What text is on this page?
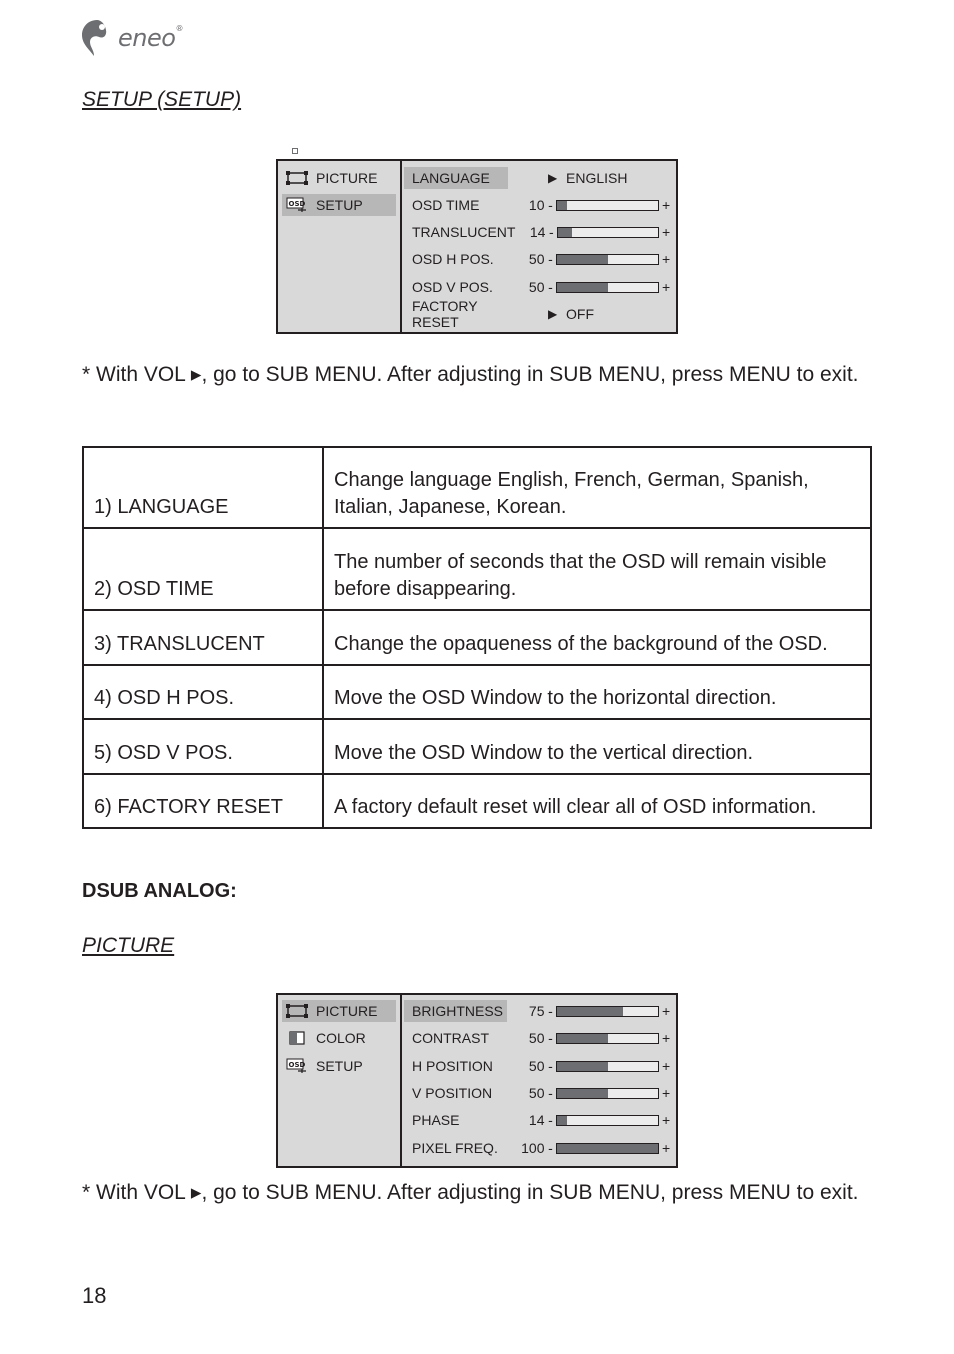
eneo®
SETUP (SETUP)
PICTURE
OSD SETUP
LANGUAGE	▶ ENGLISH
OSD TIME	10 -	+
TRANSLUCENT	14 -	+
OSD H POS.	50 -	+
OSD V POS.	50 -	+
FACTORY RESET	▶ OFF
* With VOL ▸, go to SUB MENU. After adjusting in SUB MENU, press MENU to exit.
1) LANGUAGE	Change language English, French, German, Spanish, Italian, Japanese, Korean.
2) OSD TIME	The number of seconds that the OSD will remain visible before disappearing.
3) TRANSLUCENT	Change the opaqueness of the background of the OSD.
4) OSD H POS.	Move the OSD Window to the horizontal direction.
5) OSD V POS.	Move the OSD Window to the vertical direction.
6) FACTORY RESET	A factory default reset will clear all of OSD information.
DSUB ANALOG:
PICTURE
PICTURE
COLOR
OSD SETUP
BRIGHTNESS	75 -	+
CONTRAST	50 -	+
H POSITION	50 -	+
V POSITION	50 -	+
PHASE	14 -	+
PIXEL FREQ.	100 -	+
* With VOL ▸, go to SUB MENU. After adjusting in SUB MENU, press MENU to exit.
18
